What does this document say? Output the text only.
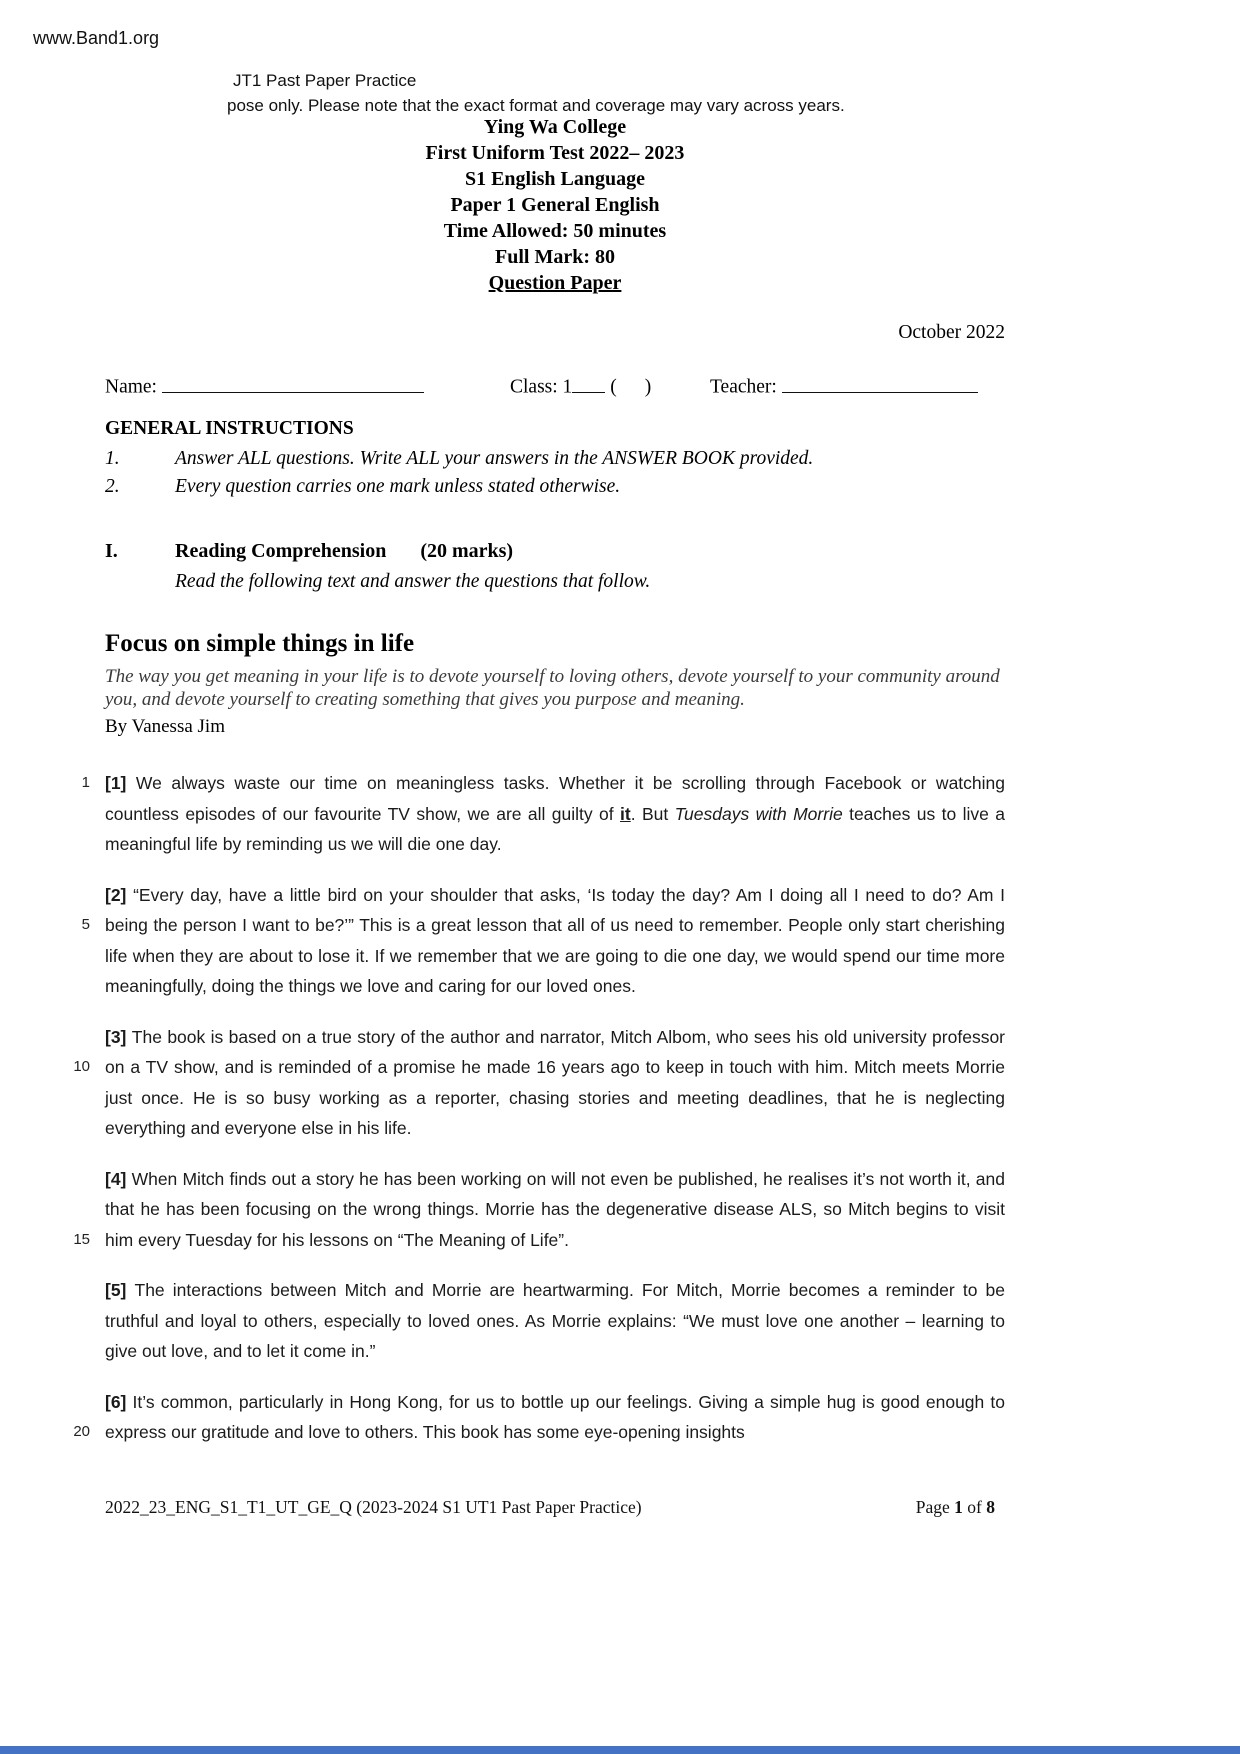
www.Band1.org
JT1 Past Paper Practice
pose only. Please note that the exact format and coverage may vary across years.
Ying Wa College
First Uniform Test 2022– 2023
S1 English Language
Paper 1 General English
Time Allowed: 50 minutes
Full Mark: 80
Question Paper
October 2022
Name:	Class: 1 ( )	Teacher:
GENERAL INSTRUCTIONS
1.	Answer ALL questions. Write ALL your answers in the ANSWER BOOK provided.
2.	Every question carries one mark unless stated otherwise.
I.	Reading Comprehension (20 marks)
Read the following text and answer the questions that follow.
Focus on simple things in life
The way you get meaning in your life is to devote yourself to loving others, devote yourself to your community around you, and devote yourself to creating something that gives you purpose and meaning.
By Vanessa Jim
1 [1] We always waste our time on meaningless tasks. Whether it be scrolling through Facebook or watching countless episodes of our favourite TV show, we are all guilty of it. But Tuesdays with Morrie teaches us to live a meaningful life by reminding us we will die one day.
5
[2] “Every day, have a little bird on your shoulder that asks, ‘Is today the day? Am I doing all I need to do? Am I being the person I want to be?’” This is a great lesson that all of us need to remember. People only start cherishing life when they are about to lose it. If we remember that we are going to die one day, we would spend our time more meaningfully, doing the things we love and caring for our loved ones.
10
[3] The book is based on a true story of the author and narrator, Mitch Albom, who sees his old university professor on a TV show, and is reminded of a promise he made 16 years ago to keep in touch with him. Mitch meets Morrie just once. He is so busy working as a reporter, chasing stories and meeting deadlines, that he is neglecting everything and everyone else in his life.
15
[4] When Mitch finds out a story he has been working on will not even be published, he realises it’s not worth it, and that he has been focusing on the wrong things. Morrie has the degenerative disease ALS, so Mitch begins to visit him every Tuesday for his lessons on “The Meaning of Life”.
[5] The interactions between Mitch and Morrie are heartwarming. For Mitch, Morrie becomes a reminder to be truthful and loyal to others, especially to loved ones. As Morrie explains: “We must love one another – learning to give out love, and to let it come in.”
20
[6] It’s common, particularly in Hong Kong, for us to bottle up our feelings. Giving a simple hug is good enough to express our gratitude and love to others. This book has some eye-opening insights
2022_23_ENG_S1_T1_UT_GE_Q (2023-2024 S1 UT1 Past Paper Practice)	Page 1 of 8
